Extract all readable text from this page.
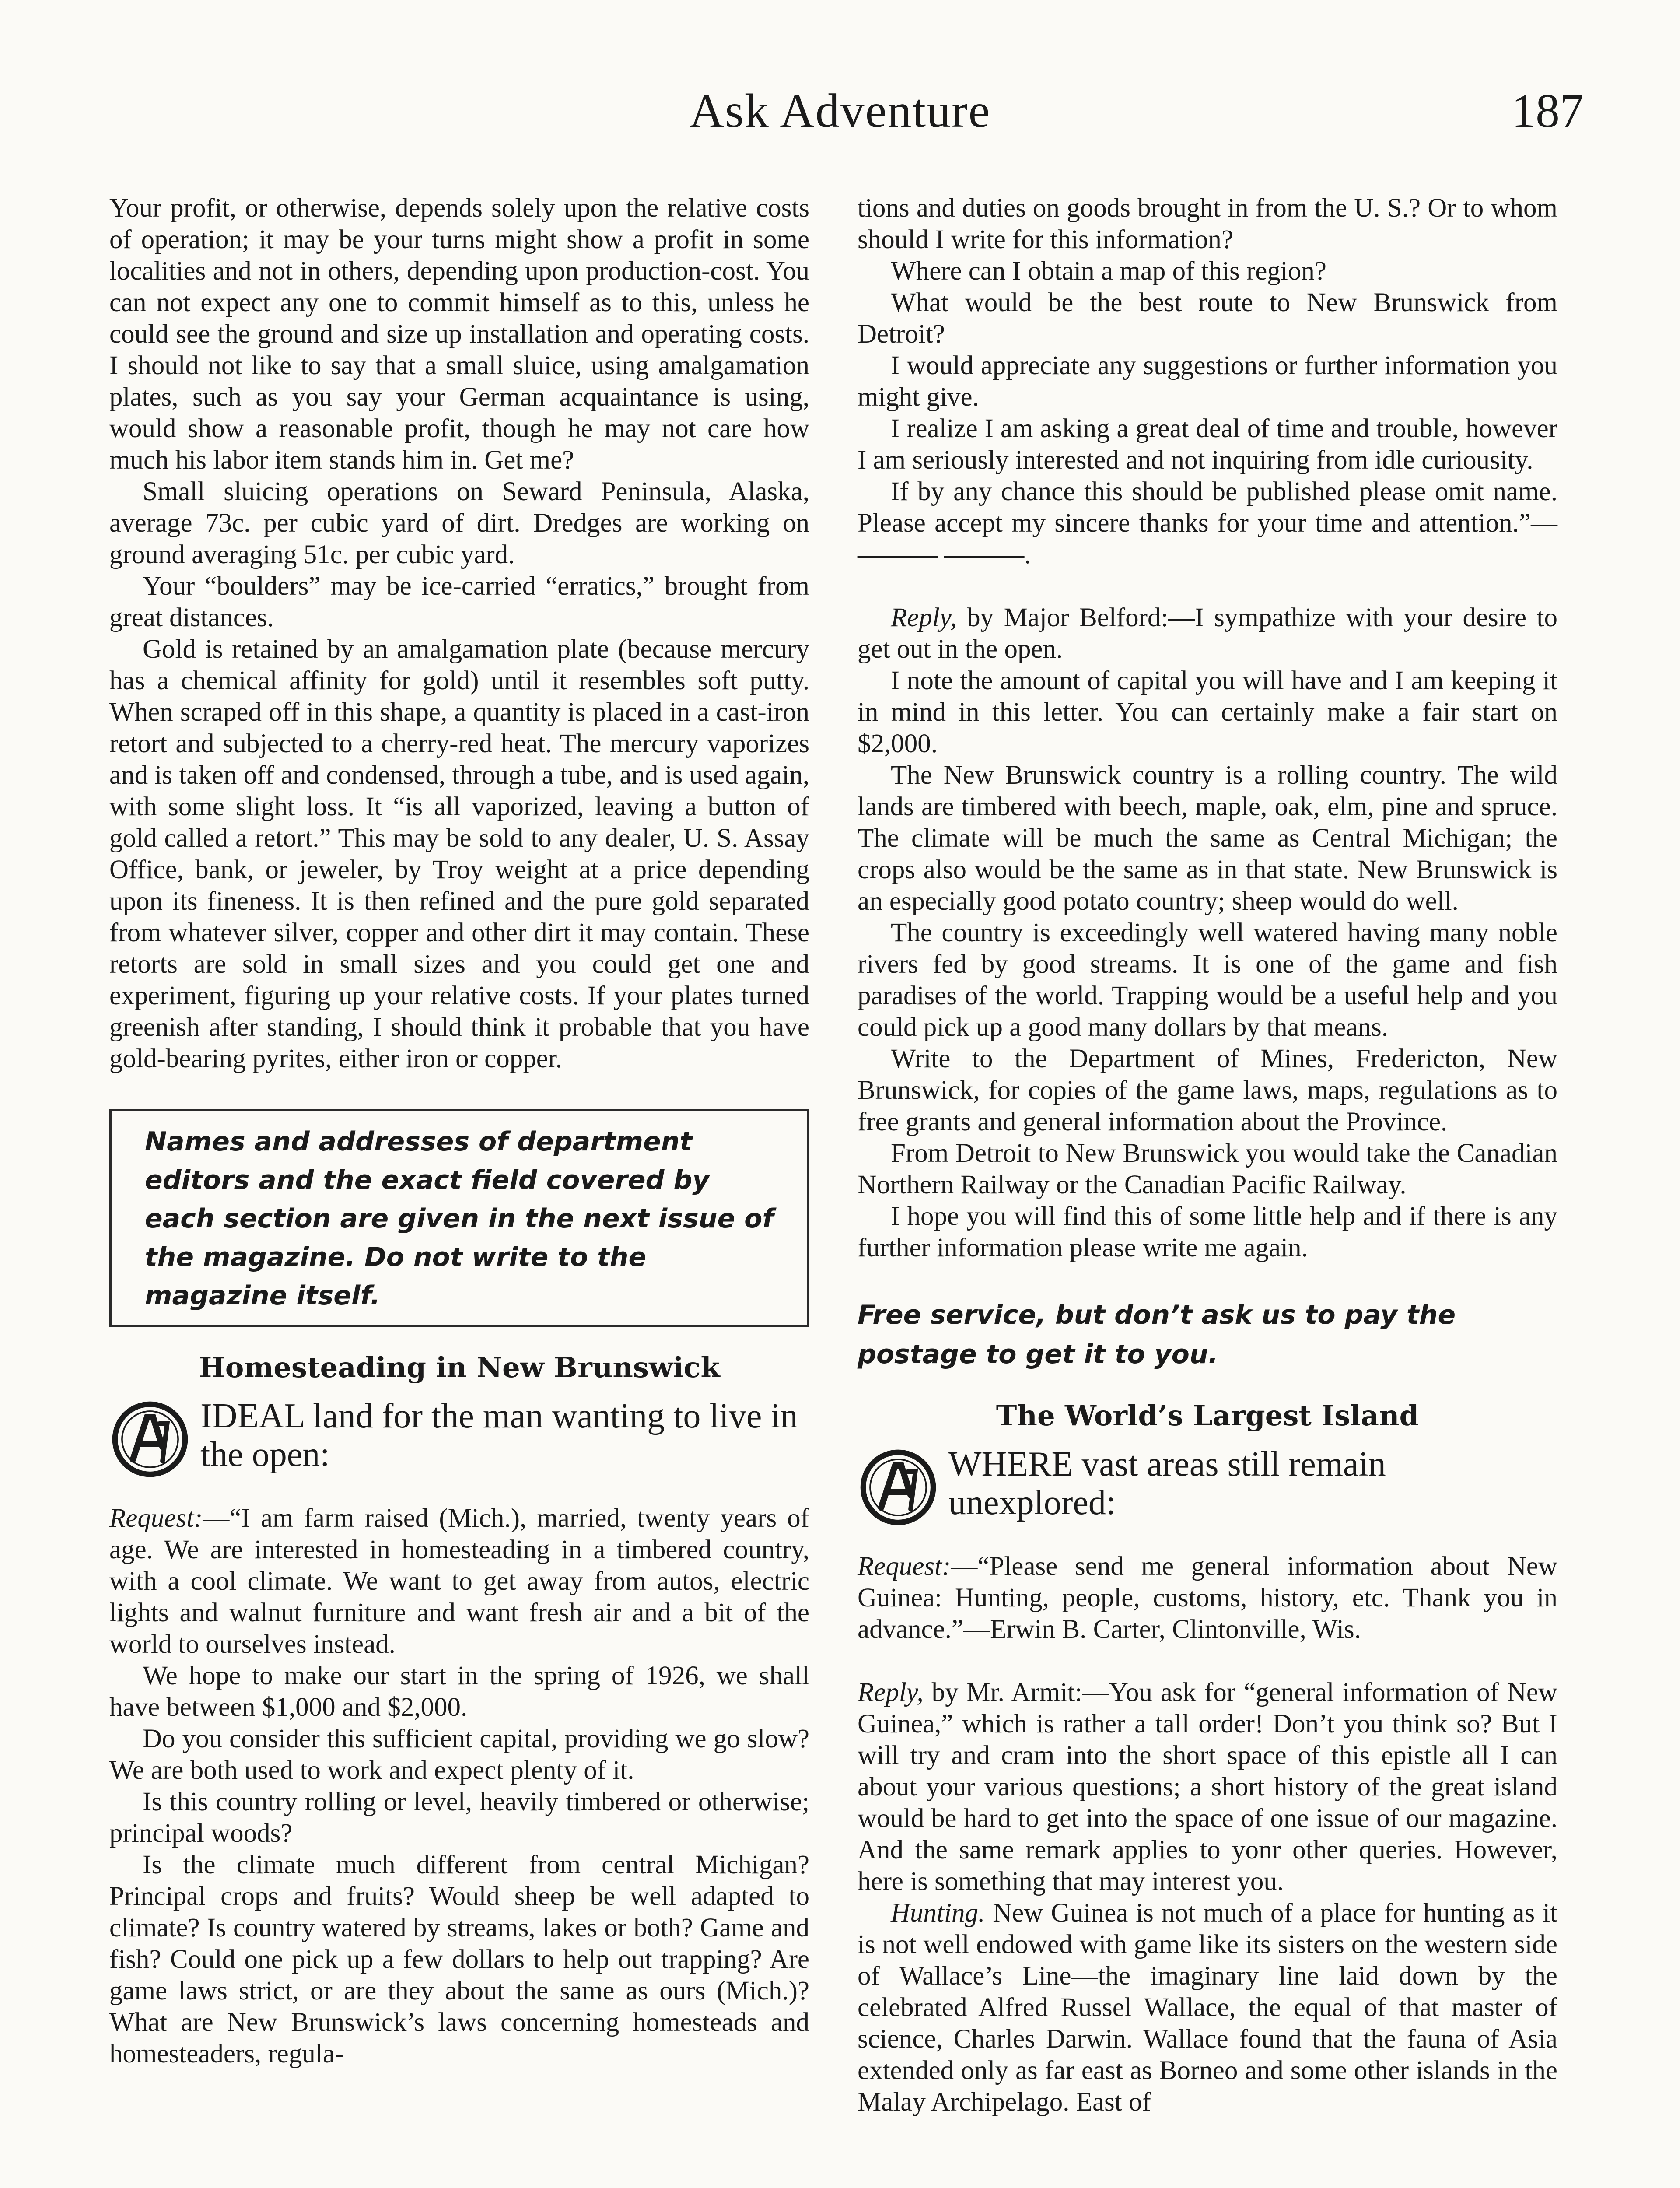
Ask Adventure	187

Your profit, or otherwise, depends solely upon the relative costs of operation; it may be your turns might show a profit in some localities and not in others, depending upon production-cost. You can not expect any one to commit himself as to this, unless he could see the ground and size up installation and operating costs. I should not like to say that a small sluice, using amalgamation plates, such as you say your German acquaintance is using, would show a reasonable profit, though he may not care how much his labor item stands him in. Get me?

Small sluicing operations on Seward Peninsula, Alaska, average 73c. per cubic yard of dirt. Dredges are working on ground averaging 51c. per cubic yard.

Your “boulders” may be ice-carried “erratics,” brought from great distances.

Gold is retained by an amalgamation plate (because mercury has a chemical affinity for gold) until it resembles soft putty. When scraped off in this shape, a quantity is placed in a cast-iron retort and subjected to a cherry-red heat. The mercury vaporizes and is taken off and condensed, through a tube, and is used again, with some slight loss. It “is all vaporized, leaving a button of gold called a retort.” This may be sold to any dealer, U. S. Assay Office, bank, or jeweler, by Troy weight at a price depending upon its fineness. It is then refined and the pure gold separated from whatever silver, copper and other dirt it may contain. These retorts are sold in small sizes and you could get one and experiment, figuring up your relative costs. If your plates turned greenish after standing, I should think it probable that you have gold-bearing pyrites, either iron or copper.

Names and addresses of department editors and the exact field covered by each section are given in the next issue of the magazine. Do not write to the magazine itself.
Homesteading in New Brunswick
IDEAL land for the man wanting to live in the open:

Request:—“I am farm raised (Mich.), married, twenty years of age. We are interested in homesteading in a timbered country, with a cool climate. We want to get away from autos, electric lights and walnut furniture and want fresh air and a bit of the world to ourselves instead.

We hope to make our start in the spring of 1926, we shall have between $1,000 and $2,000.

Do you consider this sufficient capital, providing we go slow? We are both used to work and expect plenty of it.

Is this country rolling or level, heavily timbered or otherwise; principal woods?

Is the climate much different from central Michigan? Principal crops and fruits? Would sheep be well adapted to climate? Is country watered by streams, lakes or both? Game and fish? Could one pick up a few dollars to help out trapping? Are game laws strict, or are they about the same as ours (Mich.)? What are New Brunswick’s laws concerning homesteads and homesteaders, regula-

tions and duties on goods brought in from the U. S.? Or to whom should I write for this information?

Where can I obtain a map of this region?

What would be the best route to New Brunswick from Detroit?

I would appreciate any suggestions or further information you might give.

I realize I am asking a great deal of time and trouble, however I am seriously interested and not inquiring from idle curiousity.

If by any chance this should be published please omit name. Please accept my sincere thanks for your time and attention.”— ——— ———.

Reply, by Major Belford:—I sympathize with your desire to get out in the open.

I note the amount of capital you will have and I am keeping it in mind in this letter. You can certainly make a fair start on $2,000.

The New Brunswick country is a rolling country. The wild lands are timbered with beech, maple, oak, elm, pine and spruce. The climate will be much the same as Central Michigan; the crops also would be the same as in that state. New Brunswick is an especially good potato country; sheep would do well.

The country is exceedingly well watered having many noble rivers fed by good streams. It is one of the game and fish paradises of the world. Trapping would be a useful help and you could pick up a good many dollars by that means.

Write to the Department of Mines, Fredericton, New Brunswick, for copies of the game laws, maps, regulations as to free grants and general information about the Province.

From Detroit to New Brunswick you would take the Canadian Northern Railway or the Canadian Pacific Railway.

I hope you will find this of some little help and if there is any further information please write me again.

Free service, but don’t ask us to pay the postage to get it to you.
The World’s Largest Island
WHERE vast areas still remain unexplored:

Request:—“Please send me general information about New Guinea: Hunting, people, customs, history, etc. Thank you in advance.”—Erwin B. Carter, Clintonville, Wis.

Reply, by Mr. Armit:—You ask for “general information of New Guinea,” which is rather a tall order! Don’t you think so? But I will try and cram into the short space of this epistle all I can about your various questions; a short history of the great island would be hard to get into the space of one issue of our magazine. And the same remark applies to yonr other queries. However, here is something that may interest you.

Hunting. New Guinea is not much of a place for hunting as it is not well endowed with game like its sisters on the western side of Wallace’s Line—the imaginary line laid down by the celebrated Alfred Russel Wallace, the equal of that master of science, Charles Darwin. Wallace found that the fauna of Asia extended only as far east as Borneo and some other islands in the Malay Archipelago. East of
